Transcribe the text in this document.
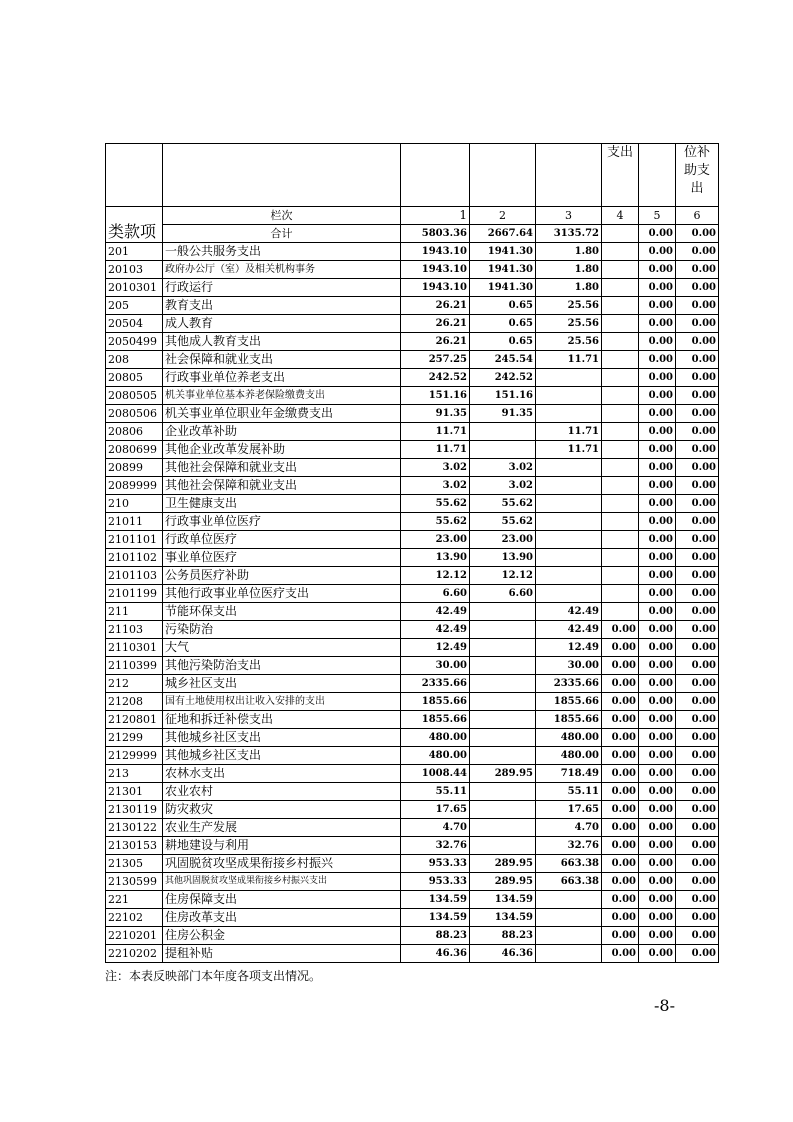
					支出		位补
助支
出

类款项	栏次	1	2	3	4	5	6
	合计	5803.36	2667.64	3135.72		0.00	0.00
201	一般公共服务支出	1943.10	1941.30	1.80		0.00	0.00
20103	政府办公厅（室）及相关机构事务	1943.10	1941.30	1.80		0.00	0.00
2010301	行政运行	1943.10	1941.30	1.80		0.00	0.00
205	教育支出	26.21	0.65	25.56		0.00	0.00
20504	成人教育	26.21	0.65	25.56		0.00	0.00
2050499	其他成人教育支出	26.21	0.65	25.56		0.00	0.00
208	社会保障和就业支出	257.25	245.54	11.71		0.00	0.00
20805	行政事业单位养老支出	242.52	242.52			0.00	0.00
2080505	机关事业单位基本养老保险缴费支出	151.16	151.16			0.00	0.00
2080506	机关事业单位职业年金缴费支出	91.35	91.35			0.00	0.00
20806	企业改革补助	11.71		11.71		0.00	0.00
2080699	其他企业改革发展补助	11.71		11.71		0.00	0.00
20899	其他社会保障和就业支出	3.02	3.02			0.00	0.00
2089999	其他社会保障和就业支出	3.02	3.02			0.00	0.00
210	卫生健康支出	55.62	55.62			0.00	0.00
21011	行政事业单位医疗	55.62	55.62			0.00	0.00
2101101	行政单位医疗	23.00	23.00			0.00	0.00
2101102	事业单位医疗	13.90	13.90			0.00	0.00
2101103	公务员医疗补助	12.12	12.12			0.00	0.00
2101199	其他行政事业单位医疗支出	6.60	6.60			0.00	0.00
211	节能环保支出	42.49		42.49		0.00	0.00
21103	污染防治	42.49		42.49	0.00	0.00	0.00
2110301	大气	12.49		12.49	0.00	0.00	0.00
2110399	其他污染防治支出	30.00		30.00	0.00	0.00	0.00
212	城乡社区支出	2335.66		2335.66	0.00	0.00	0.00
21208	国有土地使用权出让收入安排的支出	1855.66		1855.66	0.00	0.00	0.00
2120801	征地和拆迁补偿支出	1855.66		1855.66	0.00	0.00	0.00
21299	其他城乡社区支出	480.00		480.00	0.00	0.00	0.00
2129999	其他城乡社区支出	480.00		480.00	0.00	0.00	0.00
213	农林水支出	1008.44	289.95	718.49	0.00	0.00	0.00
21301	农业农村	55.11		55.11	0.00	0.00	0.00
2130119	防灾救灾	17.65		17.65	0.00	0.00	0.00
2130122	农业生产发展	4.70		4.70	0.00	0.00	0.00
2130153	耕地建设与利用	32.76		32.76	0.00	0.00	0.00
21305	巩固脱贫攻坚成果衔接乡村振兴	953.33	289.95	663.38	0.00	0.00	0.00
2130599	其他巩固脱贫攻坚成果衔接乡村振兴支出	953.33	289.95	663.38	0.00	0.00	0.00
221	住房保障支出	134.59	134.59		0.00	0.00	0.00
22102	住房改革支出	134.59	134.59		0.00	0.00	0.00
2210201	住房公积金	88.23	88.23		0.00	0.00	0.00
2210202	提租补贴	46.36	46.36		0.00	0.00	0.00
注：本表反映部门本年度各项支出情况。
-8-
